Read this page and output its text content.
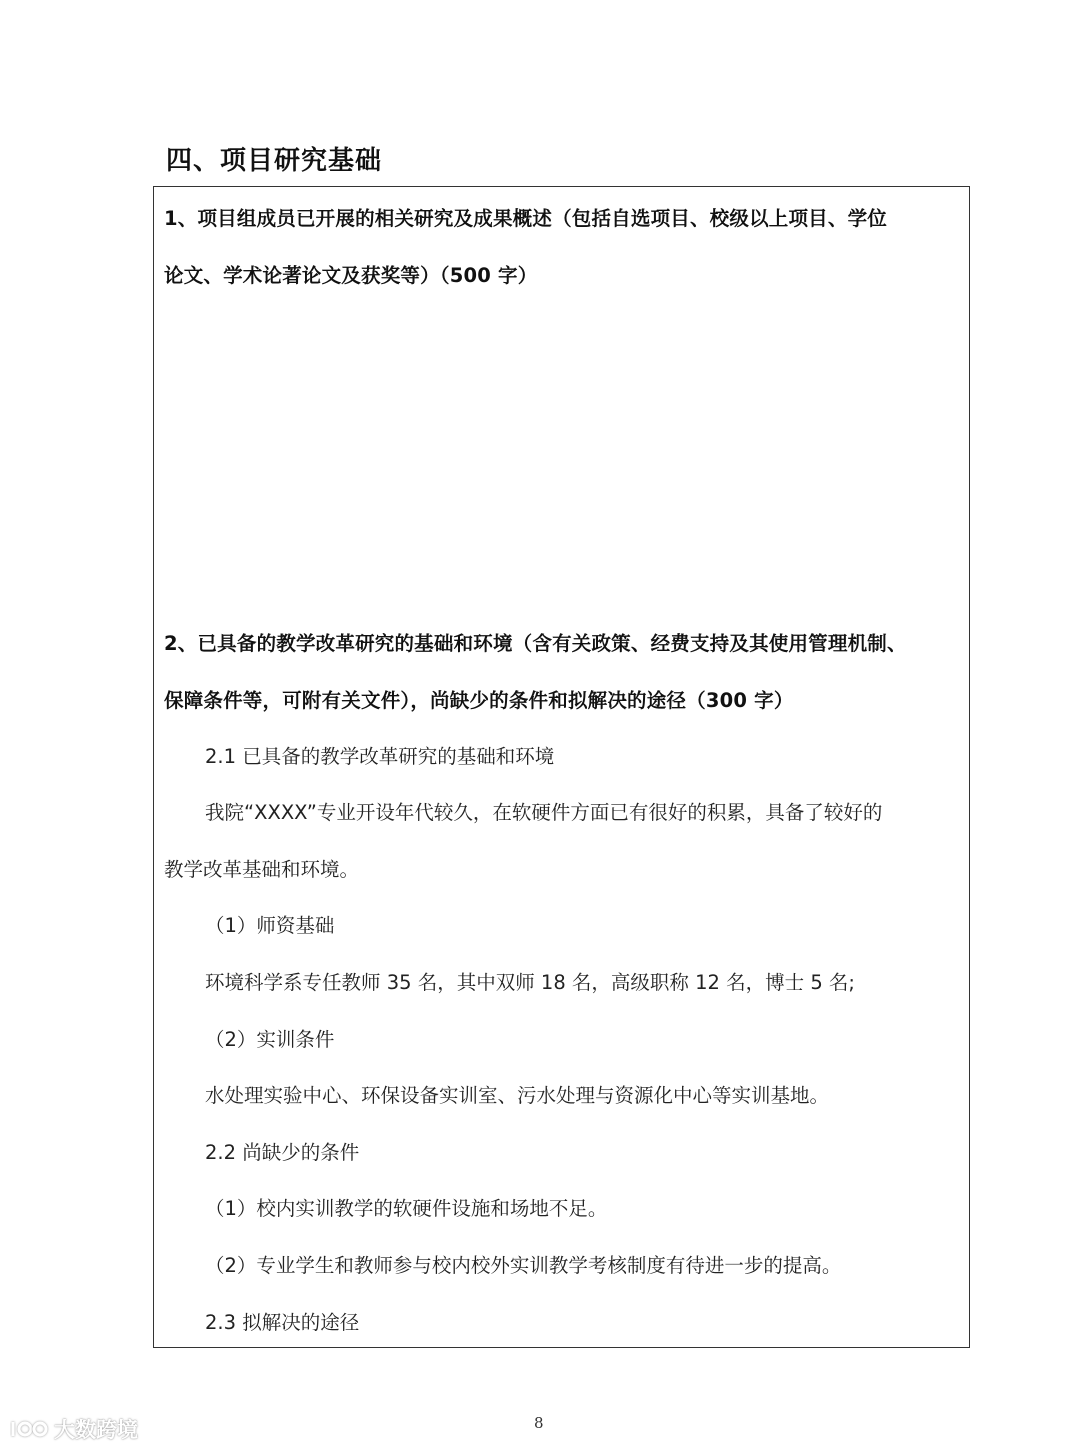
四、项目研究基础
1、项目组成员已开展的相关研究及成果概述（包括自选项目、校级以上项目、学位
论文、学术论著论文及获奖等）（500 字）
2、已具备的教学改革研究的基础和环境（含有关政策、经费支持及其使用管理机制、
保障条件等，可附有关文件），尚缺少的条件和拟解决的途径（300 字）
2.1 已具备的教学改革研究的基础和环境
我院“XXXX”专业开设年代较久，在软硬件方面已有很好的积累，具备了较好的
教学改革基础和环境。
（1）师资基础
环境科学系专任教师 35 名，其中双师 18 名，高级职称 12 名，博士 5 名;
（2）实训条件
水处理实验中心、环保设备实训室、污水处理与资源化中心等实训基地。
2.2 尚缺少的条件
（1）校内实训教学的软硬件设施和场地不足。
（2）专业学生和教师参与校内校外实训教学考核制度有待进一步的提高。
2.3 拟解决的途径
8
大数跨境
